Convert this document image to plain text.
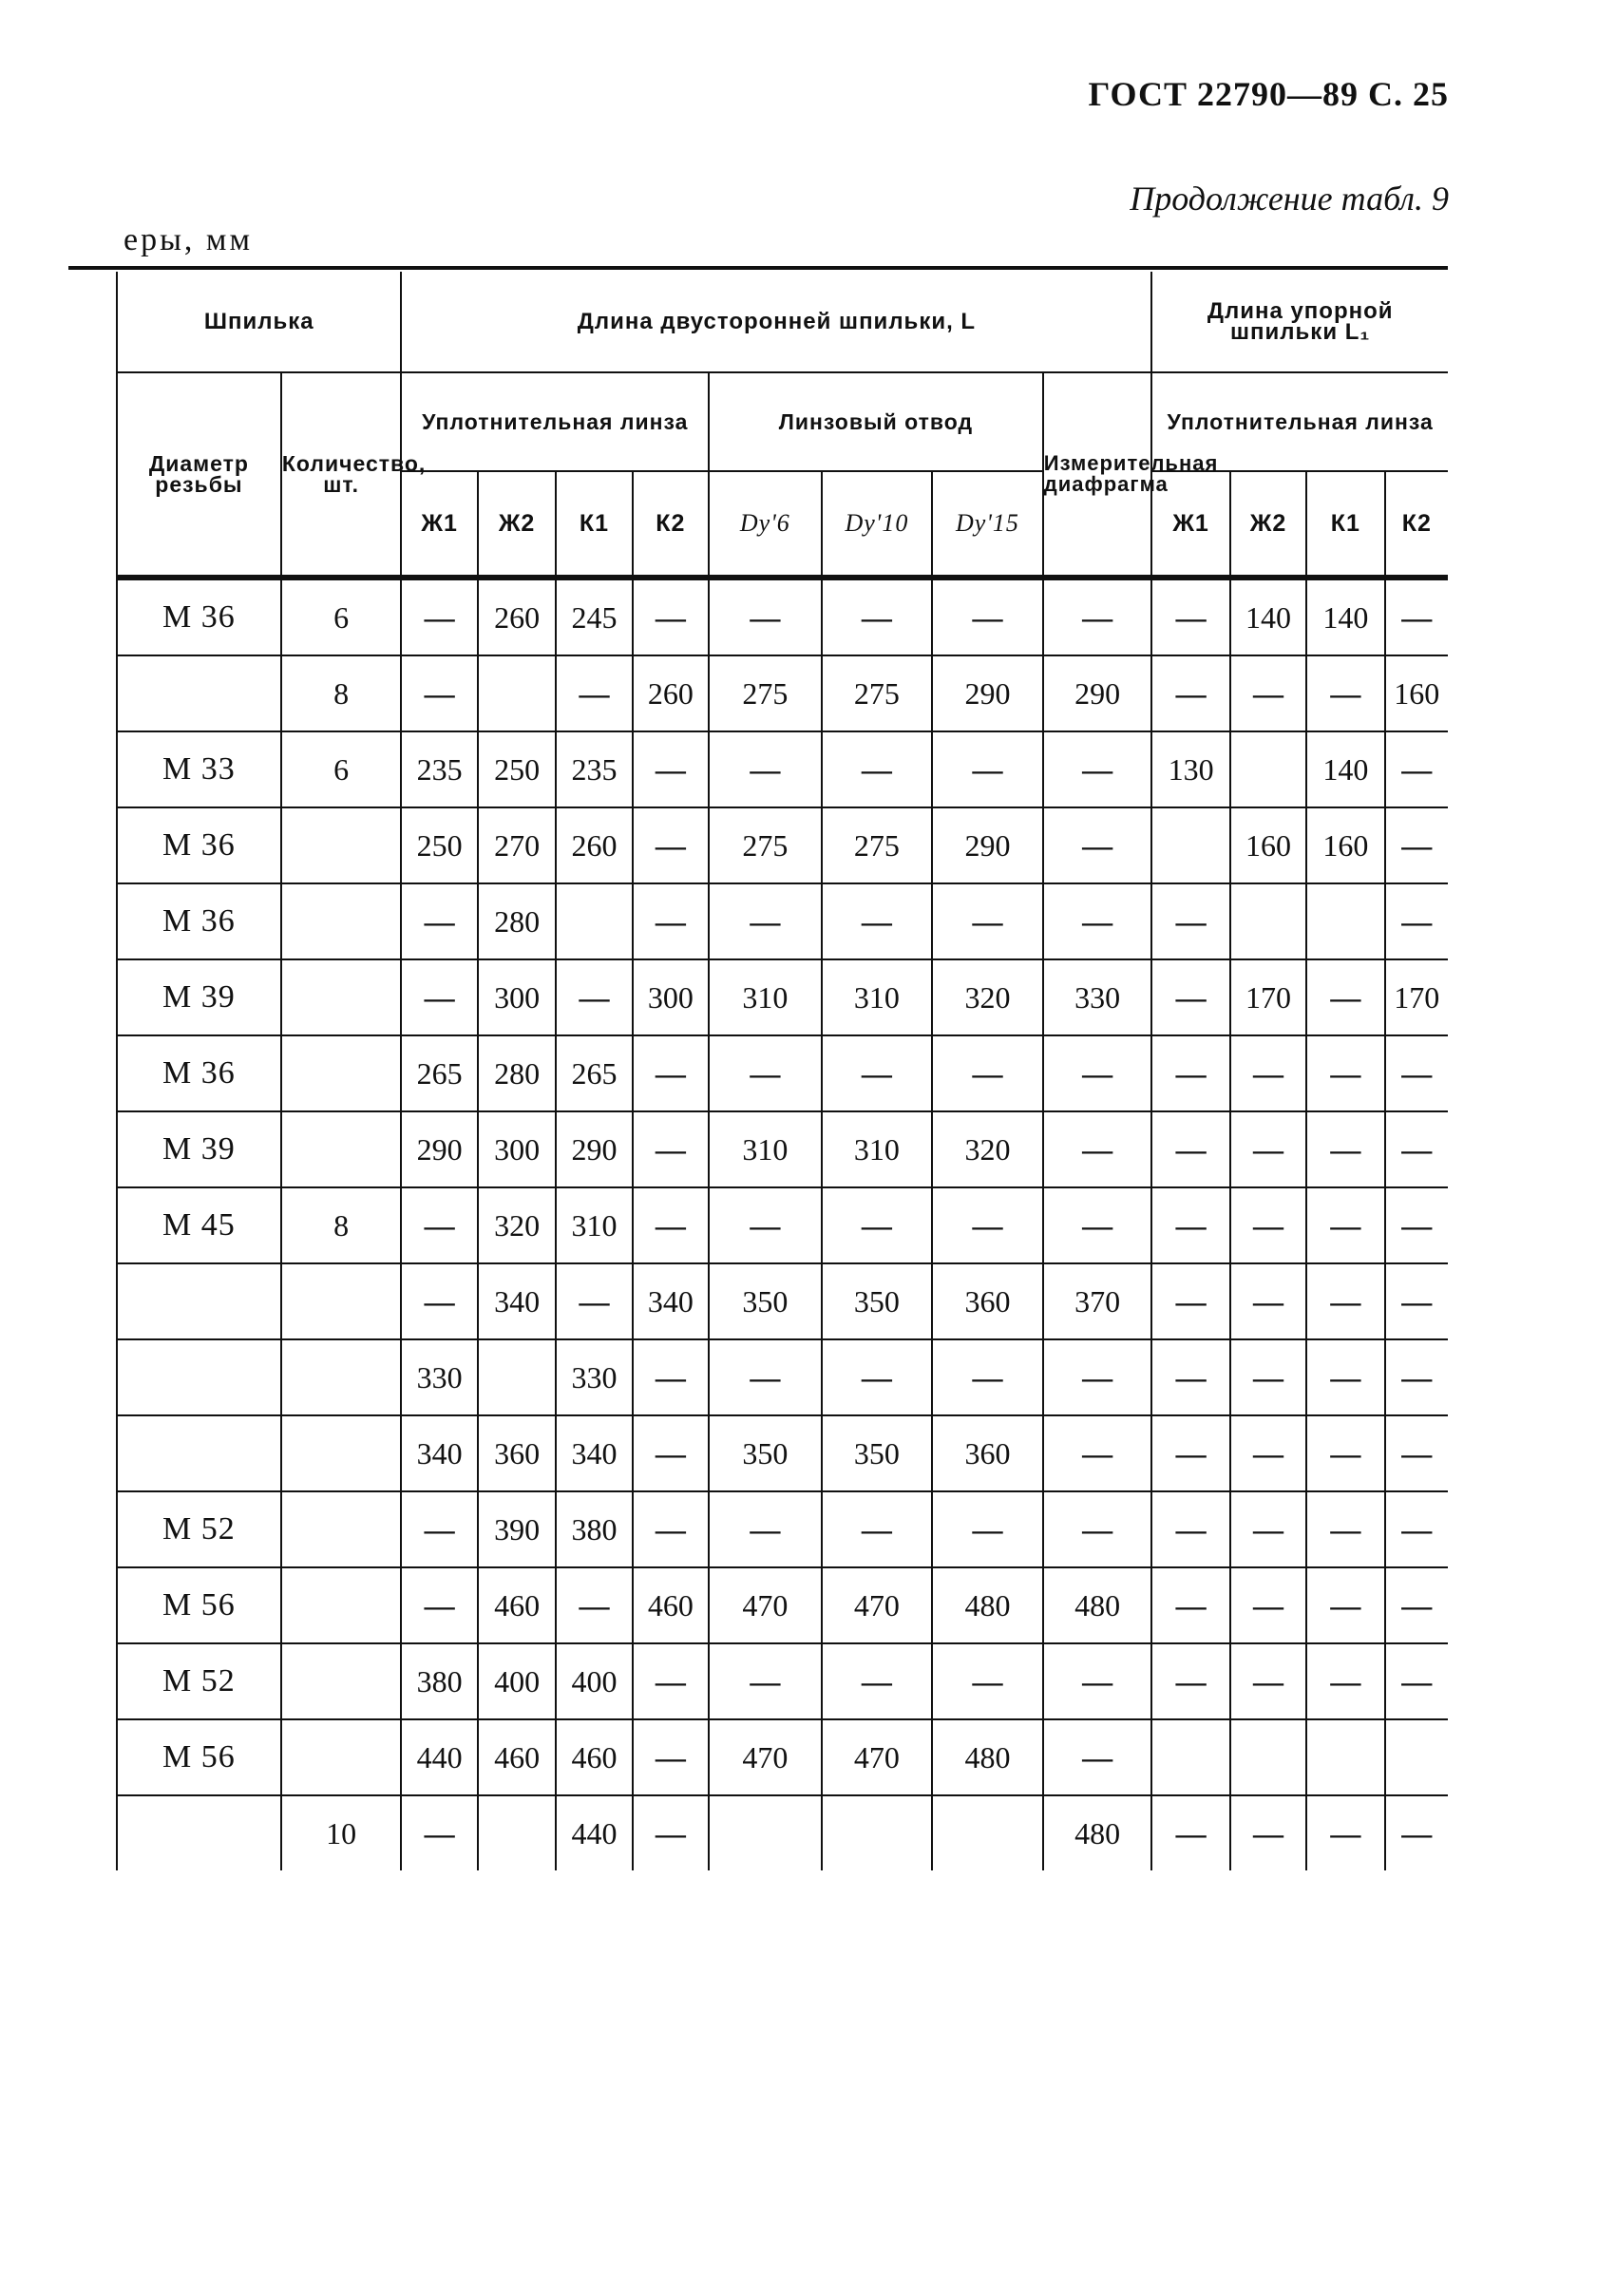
ГОСТ 22790—89 С. 25
Продолжение табл. 9
еры, мм
Шпилька		Длина двусторонней шпильки, L								Длина упорной шпильки L₁			
Диаметр резьбы	Количество, шт.	Уплотнительная линза				Линзовый отвод			Измерительная диафрагма	Уплотнительная линза			
		Ж1	Ж2	К1	К2	Dу'6	Dу'10	Dу'15		Ж1	Ж2	К1	К2
М 36	6	—	260	245	—	—	—	—	—	—	140	140	—
	8	—		—	260	275	275	290	290	—	—	—	160
М 33	6	235	250	235	—	—	—	—	—	130		140	—
М 36		250	270	260	—	275	275	290	—		160	160	—
М 36		—	280		—	—	—	—	—	—			—
М 39		—	300	—	300	310	310	320	330	—	170	—	170
М 36		265	280	265	—	—	—	—	—	—	—	—	—
М 39		290	300	290	—	310	310	320	—	—	—	—	—
М 45	8	—	320	310	—	—	—	—	—	—	—	—	—
		—	340	—	340	350	350	360	370	—	—	—	—
		330		330	—	—	—	—	—	—	—	—	—
		340	360	340	—	350	350	360	—	—	—	—	—
М 52		—	390	380	—	—	—	—	—	—	—	—	—
М 56		—	460	—	460	470	470	480	480	—	—	—	—
М 52		380	400	400	—	—	—	—	—	—	—	—	—
М 56		440	460	460	—	470	470	480	—				
	10	—		440	—				480	—	—	—	—
